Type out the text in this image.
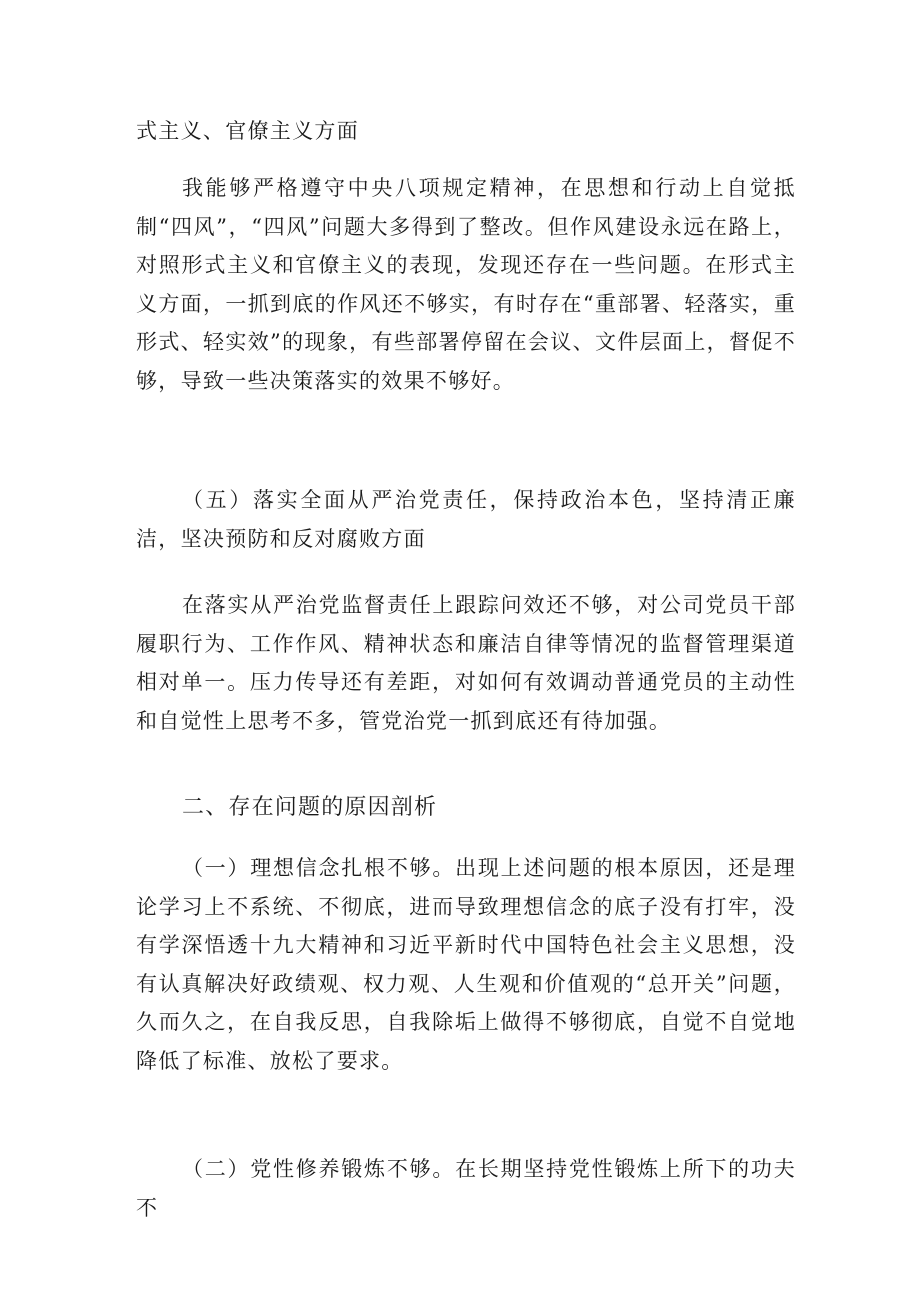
式主义、官僚主义方面

我能够严格遵守中央八项规定精神，在思想和行动上自觉抵制“四风”，“四风”问题大多得到了整改。但作风建设永远在路上，对照形式主义和官僚主义的表现，发现还存在一些问题。在形式主义方面，一抓到底的作风还不够实，有时存在“重部署、轻落实，重形式、轻实效”的现象，有些部署停留在会议、文件层面上，督促不够，导致一些决策落实的效果不够好。

（五）落实全面从严治党责任，保持政治本色，坚持清正廉洁，坚决预防和反对腐败方面

在落实从严治党监督责任上跟踪问效还不够，对公司党员干部履职行为、工作作风、精神状态和廉洁自律等情况的监督管理渠道相对单一。压力传导还有差距，对如何有效调动普通党员的主动性和自觉性上思考不多，管党治党一抓到底还有待加强。

二、存在问题的原因剖析

（一）理想信念扎根不够。出现上述问题的根本原因，还是理论学习上不系统、不彻底，进而导致理想信念的底子没有打牢，没有学深悟透十九大精神和习近平新时代中国特色社会主义思想，没有认真解决好政绩观、权力观、人生观和价值观的“总开关”问题，久而久之，在自我反思，自我除垢上做得不够彻底，自觉不自觉地降低了标准、放松了要求。

（二）党性修养锻炼不够。在长期坚持党性锻炼上所下的功夫不
